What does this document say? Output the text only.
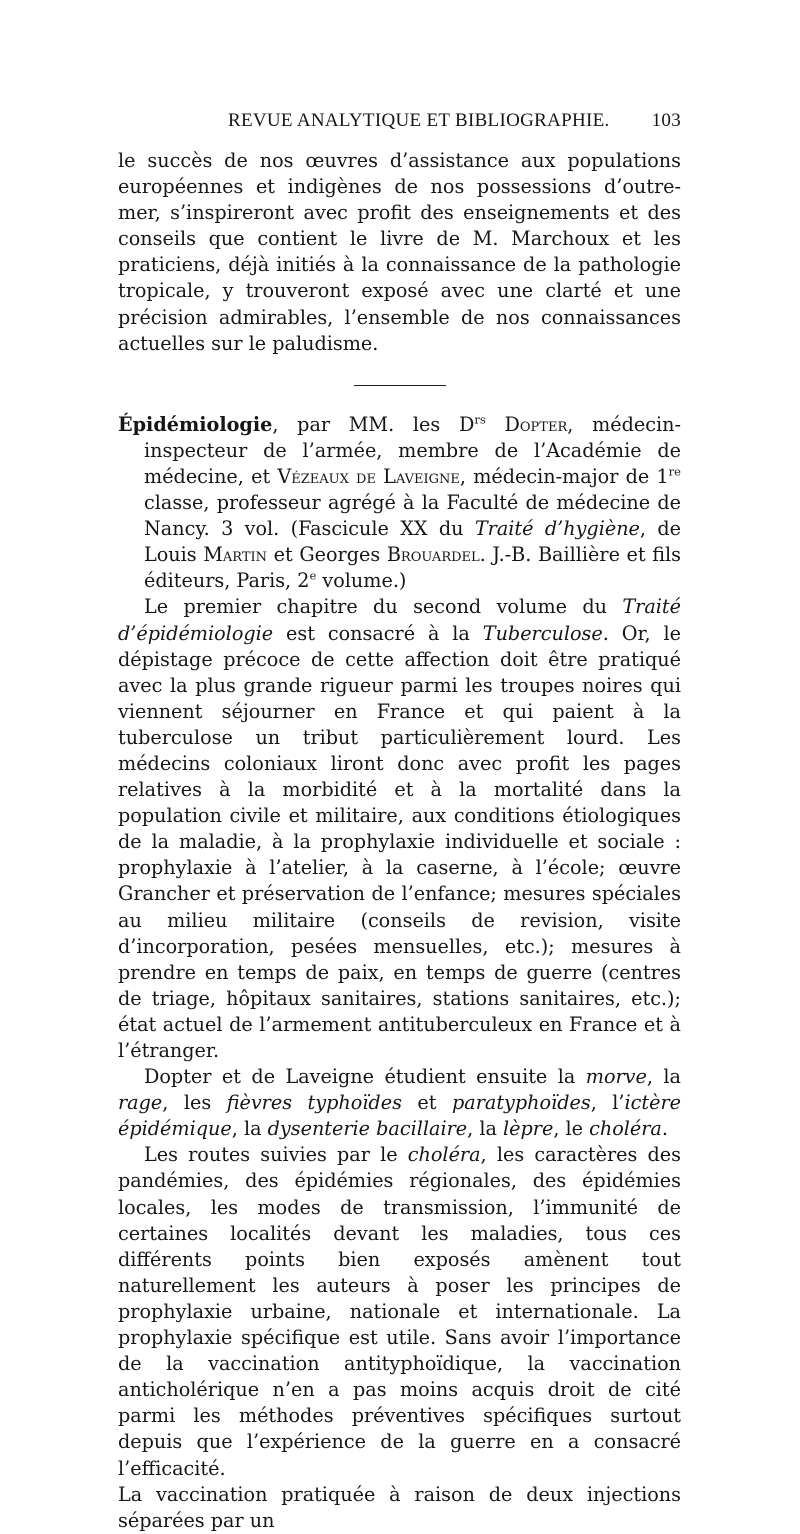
REVUE ANALYTIQUE ET BIBLIOGRAPHIE. 103

le succès de nos œuvres d’assistance aux populations européennes et indigènes de nos possessions d’outre-mer, s’inspireront avec profit des enseignements et des conseils que contient le livre de M. Marchoux et les praticiens, déjà initiés à la connaissance de la pathologie tropicale, y trouveront exposé avec une clarté et une précision admirables, l’ensemble de nos connaissances actuelles sur le paludisme.

Épidémiologie, par MM. les $D^{rs}$ Dopter, médecin-inspecteur de l’armée, membre de l’Académie de médecine, et Vézeaux de Laveigne, médecin-major de 1re classe, professeur agrégé à la Faculté de médecine de Nancy. 3 vol. (Fascicule XX du Traité d’hygiène, de Louis Martin et Georges Brouardel. J.-B. Baillière et fils éditeurs, Paris, 2e volume.)

Le premier chapitre du second volume du Traité d’épidémiologie est consacré à la Tuberculose. Or, le dépistage précoce de cette affection doit être pratiqué avec la plus grande rigueur parmi les troupes noires qui viennent séjourner en France et qui paient à la tuberculose un tribut particulièrement lourd. Les médecins coloniaux liront donc avec profit les pages relatives à la morbidité et à la mortalité dans la population civile et militaire, aux conditions étiologiques de la maladie, à la prophylaxie individuelle et sociale : prophylaxie à l’atelier, à la caserne, à l’école; œuvre Grancher et préservation de l’enfance; mesures spéciales au milieu militaire (conseils de revision, visite d’incorporation, pesées mensuelles, etc.); mesures à prendre en temps de paix, en temps de guerre (centres de triage, hôpitaux sanitaires, stations sanitaires, etc.); état actuel de l’armement antituberculeux en France et à l’étranger.

Dopter et de Laveigne étudient ensuite la morve, la rage, les fièvres typhoïdes et paratyphoïdes, l’ictère épidémique, la dysenterie bacillaire, la lèpre, le choléra.

Les routes suivies par le choléra, les caractères des pandémies, des épidémies régionales, des épidémies locales, les modes de transmission, l’immunité de certaines localités devant les maladies, tous ces différents points bien exposés amènent tout naturellement les auteurs à poser les principes de prophylaxie urbaine, nationale et internationale. La prophylaxie spécifique est utile. Sans avoir l’importance de la vaccination antityphoïdique, la vaccination anticholérique n’en a pas moins acquis droit de cité parmi les méthodes préventives spécifiques surtout depuis que l’expérience de la guerre en a consacré l’efficacité.

La vaccination pratiquée à raison de deux injections séparées par un
